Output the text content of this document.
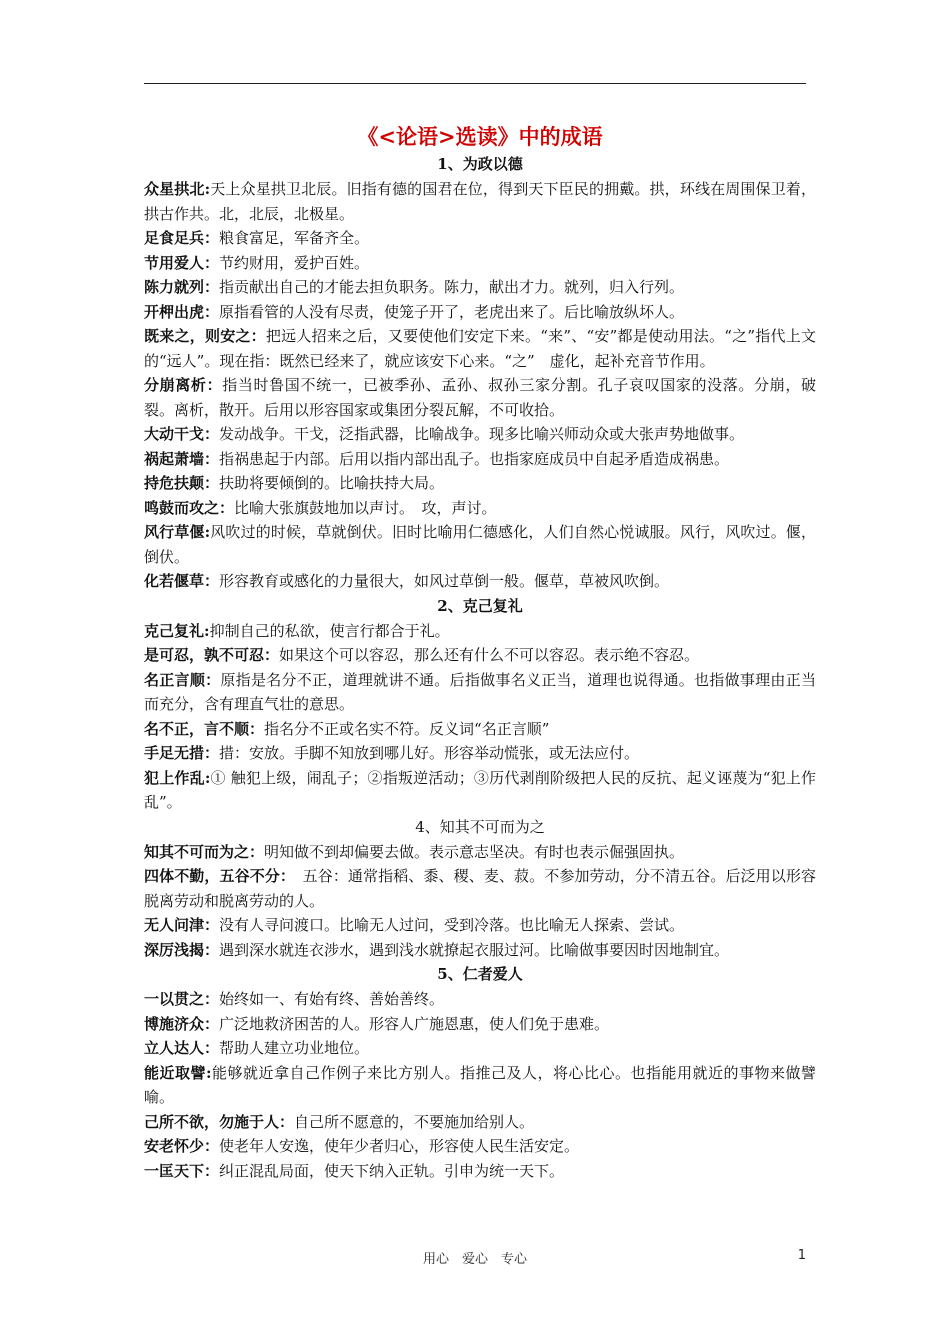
《<论语>选读》中的成语
1、为政以德

众星拱北:天上众星拱卫北辰。旧指有德的国君在位，得到天下臣民的拥戴。拱，环线在周围保卫着，拱古作共。北，北辰，北极星。

足食足兵：粮食富足，军备齐全。

节用爱人：节约财用，爱护百姓。

陈力就列：指贡献出自己的才能去担负职务。陈力，献出才力。就列，归入行列。

开柙出虎：原指看管的人没有尽责，使笼子开了，老虎出来了。后比喻放纵坏人。

既来之，则安之：把远人招来之后，又要使他们安定下来。“来”、“安”都是使动用法。“之”指代上文的“远人”。现在指：既然已经来了，就应该安下心来。“之”　虚化，起补充音节作用。

分崩离析：指当时鲁国不统一，已被季孙、孟孙、叔孙三家分割。孔子哀叹国家的没落。分崩，破裂。离析，散开。后用以形容国家或集团分裂瓦解，不可收拾。

大动干戈：发动战争。干戈，泛指武器，比喻战争。现多比喻兴师动众或大张声势地做事。

祸起萧墙：指祸患起于内部。后用以指内部出乱子。也指家庭成员中自起矛盾造成祸患。

持危扶颠：扶助将要倾倒的。比喻扶持大局。

鸣鼓而攻之：比喻大张旗鼓地加以声讨。　攻，声讨。

风行草偃:风吹过的时候，草就倒伏。旧时比喻用仁德感化，人们自然心悦诚服。风行，风吹过。偃，倒伏。

化若偃草：形容教育或感化的力量很大，如风过草倒一般。偃草，草被风吹倒。

2、克己复礼

克己复礼:抑制自己的私欲，使言行都合于礼。

是可忍，孰不可忍：如果这个可以容忍，那么还有什么不可以容忍。表示绝不容忍。

名正言顺：原指是名分不正，道理就讲不通。后指做事名义正当，道理也说得通。也指做事理由正当而充分，含有理直气壮的意思。

名不正，言不顺：指名分不正或名实不符。反义词“名正言顺”

手足无措：措：安放。手脚不知放到哪儿好。形容举动慌张，或无法应付。

犯上作乱:① 触犯上级，闹乱子；②指叛逆活动；③历代剥削阶级把人民的反抗、起义诬蔑为“犯上作乱”。

4、知其不可而为之

知其不可而为之：明知做不到却偏要去做。表示意志坚决。有时也表示倔强固执。

四体不勤，五谷不分：　五谷：通常指稻、黍、稷、麦、菽。不参加劳动，分不清五谷。后泛用以形容脱离劳动和脱离劳动的人。

无人问津：没有人寻问渡口。比喻无人过问，受到冷落。也比喻无人探索、尝试。

深厉浅揭：遇到深水就连衣涉水，遇到浅水就撩起衣服过河。比喻做事要因时因地制宜。

5、仁者爱人

一以贯之：始终如一、有始有终、善始善终。

博施济众：广泛地救济困苦的人。形容人广施恩惠，使人们免于患难。

立人达人：帮助人建立功业地位。

能近取譬:能够就近拿自己作例子来比方别人。指推己及人，将心比心。也指能用就近的事物来做譬喻。

己所不欲，勿施于人：自己所不愿意的，不要施加给别人。

安老怀少：使老年人安逸，使年少者归心，形容使人民生活安定。

一匡天下：纠正混乱局面，使天下纳入正轨。引申为统一天下。

用心　爱心　专心	1
